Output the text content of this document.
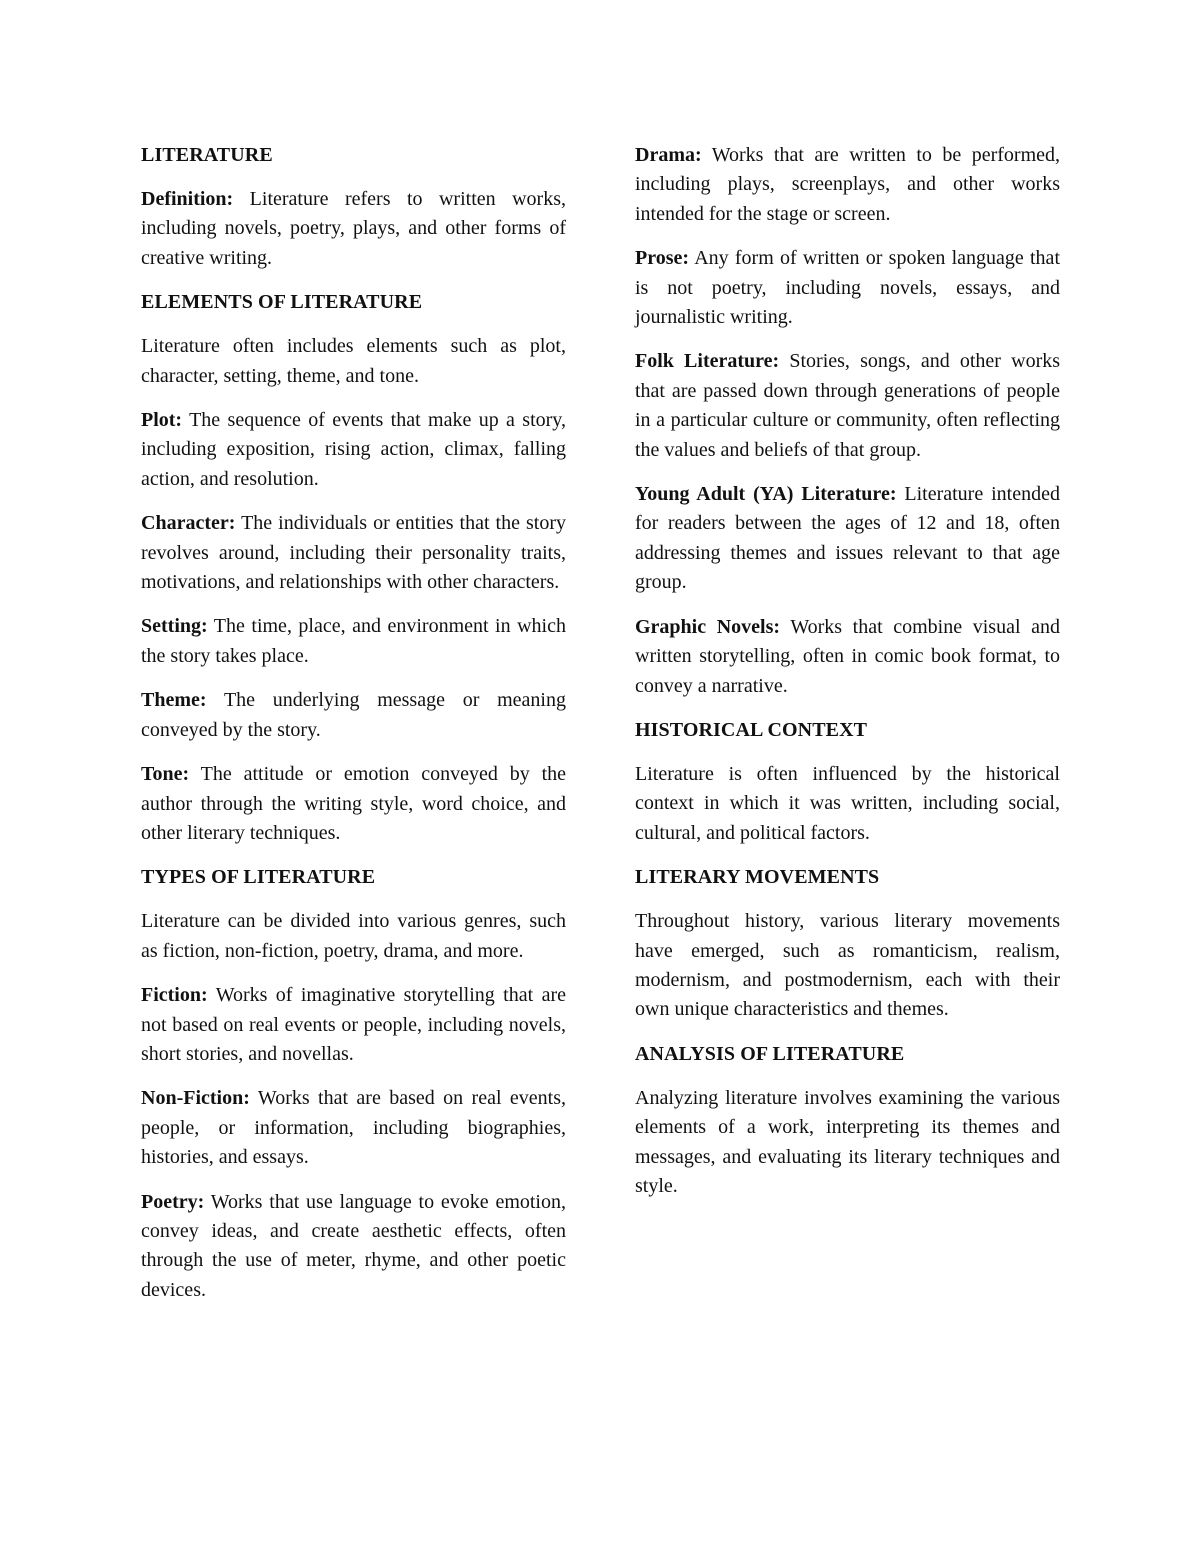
LITERATURE

Definition: Literature refers to written works, including novels, poetry, plays, and other forms of creative writing.

ELEMENTS OF LITERATURE

Literature often includes elements such as plot, character, setting, theme, and tone.

Plot: The sequence of events that make up a story, including exposition, rising action, climax, falling action, and resolution.

Character: The individuals or entities that the story revolves around, including their personality traits, motivations, and relationships with other characters.

Setting: The time, place, and environment in which the story takes place.

Theme: The underlying message or meaning conveyed by the story.

Tone: The attitude or emotion conveyed by the author through the writing style, word choice, and other literary techniques.

TYPES OF LITERATURE

Literature can be divided into various genres, such as fiction, non-fiction, poetry, drama, and more.

Fiction: Works of imaginative storytelling that are not based on real events or people, including novels, short stories, and novellas.

Non-Fiction: Works that are based on real events, people, or information, including biographies, histories, and essays.

Poetry: Works that use language to evoke emotion, convey ideas, and create aesthetic effects, often through the use of meter, rhyme, and other poetic devices.

Drama: Works that are written to be performed, including plays, screenplays, and other works intended for the stage or screen.

Prose: Any form of written or spoken language that is not poetry, including novels, essays, and journalistic writing.

Folk Literature: Stories, songs, and other works that are passed down through generations of people in a particular culture or community, often reflecting the values and beliefs of that group.

Young Adult (YA) Literature: Literature intended for readers between the ages of 12 and 18, often addressing themes and issues relevant to that age group.

Graphic Novels: Works that combine visual and written storytelling, often in comic book format, to convey a narrative.

HISTORICAL CONTEXT

Literature is often influenced by the historical context in which it was written, including social, cultural, and political factors.

LITERARY MOVEMENTS

Throughout history, various literary movements have emerged, such as romanticism, realism, modernism, and postmodernism, each with their own unique characteristics and themes.

ANALYSIS OF LITERATURE

Analyzing literature involves examining the various elements of a work, interpreting its themes and messages, and evaluating its literary techniques and style.
